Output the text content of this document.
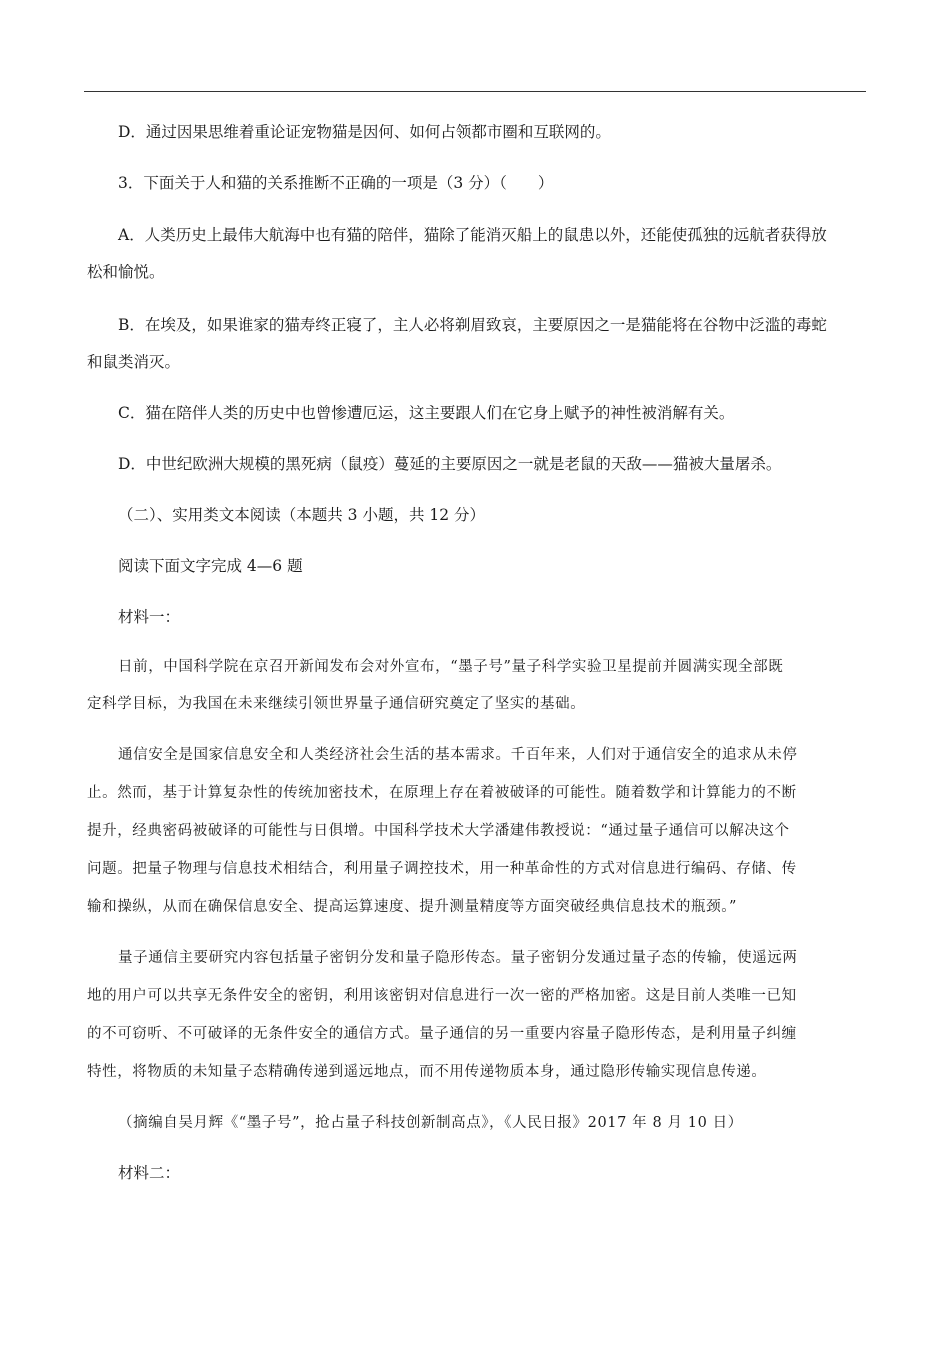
D．通过因果思维着重论证宠物猫是因何、如何占领都市圈和互联网的。
3．下面关于人和猫的关系推断不正确的一项是（3 分）（　　）
A．人类历史上最伟大航海中也有猫的陪伴，猫除了能消灭船上的鼠患以外，还能使孤独的远航者获得放
松和愉悦。
B．在埃及，如果谁家的猫寿终正寝了，主人必将剃眉致哀，主要原因之一是猫能将在谷物中泛滥的毒蛇
和鼠类消灭。
C．猫在陪伴人类的历史中也曾惨遭厄运，这主要跟人们在它身上赋予的神性被消解有关。
D．中世纪欧洲大规模的黑死病（鼠疫）蔓延的主要原因之一就是老鼠的天敌——猫被大量屠杀。
（二）、实用类文本阅读（本题共 3 小题，共 12 分）
阅读下面文字完成 4—6 题
材料一：
日前，中国科学院在京召开新闻发布会对外宣布，“墨子号”量子科学实验卫星提前并圆满实现全部既
定科学目标，为我国在未来继续引领世界量子通信研究奠定了坚实的基础。
通信安全是国家信息安全和人类经济社会生活的基本需求。千百年来，人们对于通信安全的追求从未停
止。然而，基于计算复杂性的传统加密技术，在原理上存在着被破译的可能性。随着数学和计算能力的不断
提升，经典密码被破译的可能性与日俱增。中国科学技术大学潘建伟教授说：“通过量子通信可以解决这个
问题。把量子物理与信息技术相结合，利用量子调控技术，用一种革命性的方式对信息进行编码、存储、传
输和操纵，从而在确保信息安全、提高运算速度、提升测量精度等方面突破经典信息技术的瓶颈。”
量子通信主要研究内容包括量子密钥分发和量子隐形传态。量子密钥分发通过量子态的传输，使遥远两
地的用户可以共享无条件安全的密钥，利用该密钥对信息进行一次一密的严格加密。这是目前人类唯一已知
的不可窃听、不可破译的无条件安全的通信方式。量子通信的另一重要内容量子隐形传态，是利用量子纠缠
特性，将物质的未知量子态精确传递到遥远地点，而不用传递物质本身，通过隐形传输实现信息传递。
（摘编自吴月辉《“墨子号”，抢占量子科技创新制高点》，《人民日报》2017 年 8 月 10 日）
材料二：
